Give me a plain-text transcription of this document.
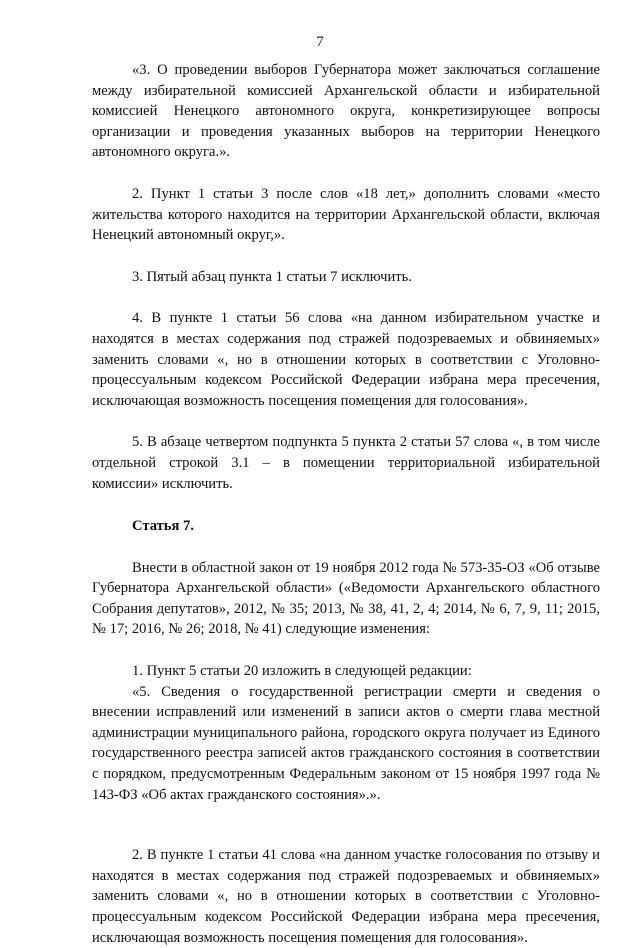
7

«3. О проведении выборов Губернатора может заключаться соглашение между избирательной комиссией Архангельской области и избирательной комиссией Ненецкого автономного округа, конкретизирующее вопросы организации и проведения указанных выборов на территории Ненецкого автономного округа.».

2. Пункт 1 статьи 3 после слов «18 лет,» дополнить словами «место жительства которого находится на территории Архангельской области, включая Ненецкий автономный округ,».

3. Пятый абзац пункта 1 статьи 7 исключить.

4. В пункте 1 статьи 56 слова «на данном избирательном участке и находятся в местах содержания под стражей подозреваемых и обвиняемых» заменить словами «, но в отношении которых в соответствии с Уголовно-процессуальным кодексом Российской Федерации избрана мера пресечения, исключающая возможность посещения помещения для голосования».

5. В абзаце четвертом подпункта 5 пункта 2 статьи 57 слова «, в том числе отдельной строкой 3.1 – в помещении территориальной избирательной комиссии» исключить.

Статья 7.

Внести в областной закон от 19 ноября 2012 года № 573-35-ОЗ «Об отзыве Губернатора Архангельской области» («Ведомости Архангельского областного Собрания депутатов», 2012, № 35; 2013, № 38, 41, 2, 4; 2014, № 6, 7, 9, 11; 2015, № 17; 2016, № 26; 2018, № 41) следующие изменения:

1. Пункт 5 статьи 20 изложить в следующей редакции:

«5. Сведения о государственной регистрации смерти и сведения о внесении исправлений или изменений в записи актов о смерти глава местной администрации муниципального района, городского округа получает из Единого государственного реестра записей актов гражданского состояния в соответствии с порядком, предусмотренным Федеральным законом от 15 ноября 1997 года № 143-ФЗ «Об актах гражданского состояния».».

2. В пункте 1 статьи 41 слова «на данном участке голосования по отзыву и находятся в местах содержания под стражей подозреваемых и обвиняемых» заменить словами «, но в отношении которых в соответствии с Уголовно-процессуальным кодексом Российской Федерации избрана мера пресечения, исключающая возможность посещения помещения для голосования».
